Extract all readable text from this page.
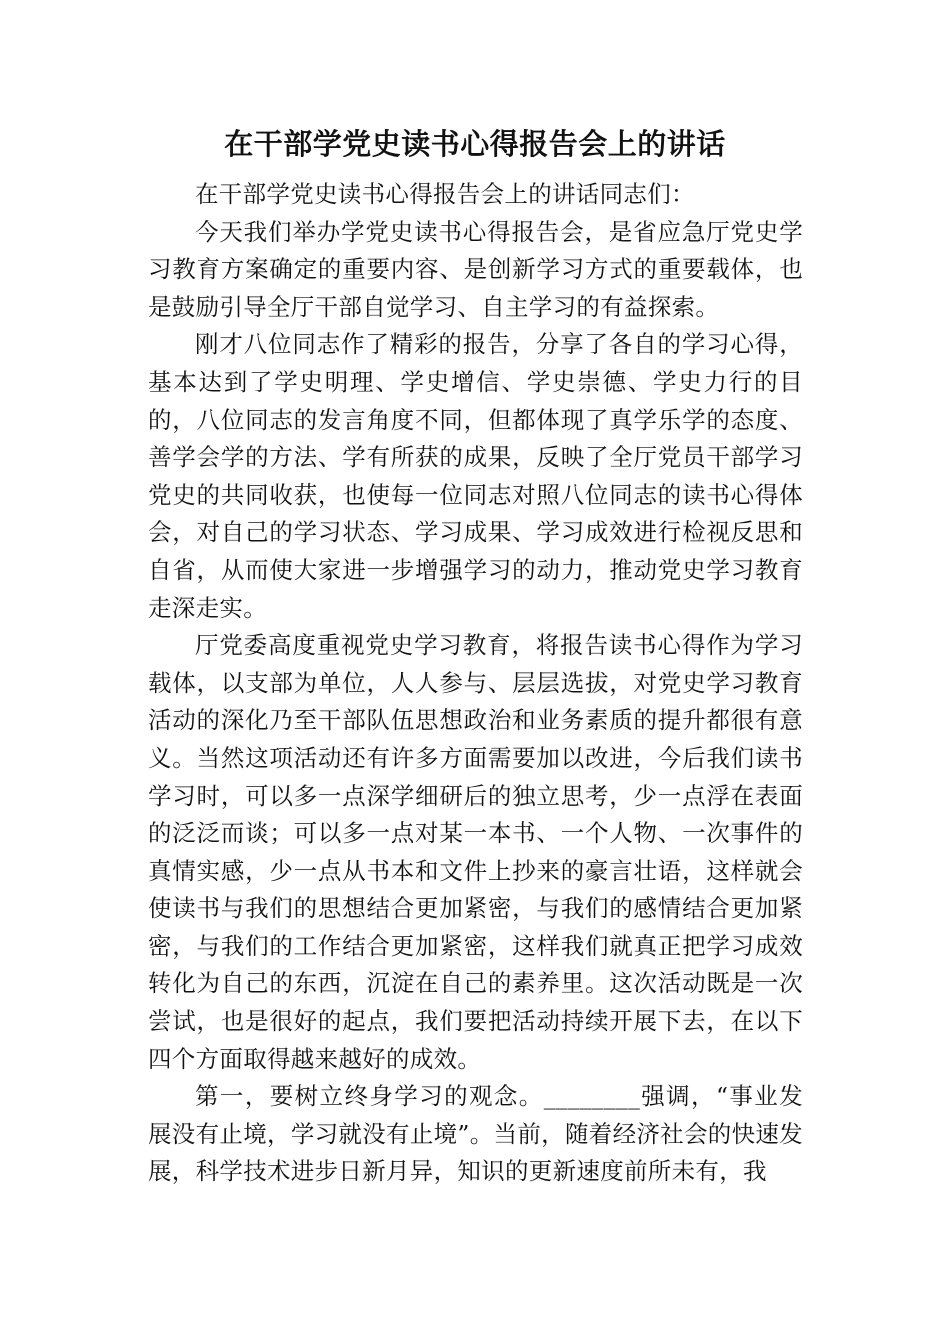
在干部学党史读书心得报告会上的讲话

在干部学党史读书心得报告会上的讲话同志们：

今天我们举办学党史读书心得报告会，是省应急厅党史学习教育方案确定的重要内容、是创新学习方式的重要载体，也是鼓励引导全厅干部自觉学习、自主学习的有益探索。

刚才八位同志作了精彩的报告，分享了各自的学习心得，基本达到了学史明理、学史增信、学史崇德、学史力行的目的，八位同志的发言角度不同，但都体现了真学乐学的态度、善学会学的方法、学有所获的成果，反映了全厅党员干部学习党史的共同收获，也使每一位同志对照八位同志的读书心得体会，对自己的学习状态、学习成果、学习成效进行检视反思和自省，从而使大家进一步增强学习的动力，推动党史学习教育走深走实。

厅党委高度重视党史学习教育，将报告读书心得作为学习载体，以支部为单位，人人参与、层层选拔，对党史学习教育活动的深化乃至干部队伍思想政治和业务素质的提升都很有意义。当然这项活动还有许多方面需要加以改进，今后我们读书学习时，可以多一点深学细研后的独立思考，少一点浮在表面的泛泛而谈；可以多一点对某一本书、一个人物、一次事件的真情实感，少一点从书本和文件上抄来的豪言壮语，这样就会使读书与我们的思想结合更加紧密，与我们的感情结合更加紧密，与我们的工作结合更加紧密，这样我们就真正把学习成效转化为自己的东西，沉淀在自己的素养里。这次活动既是一次尝试，也是很好的起点，我们要把活动持续开展下去，在以下四个方面取得越来越好的成效。

第一，要树立终身学习的观念。________强调，“事业发展没有止境，学习就没有止境”。当前，随着经济社会的快速发展，科学技术进步日新月异，知识的更新速度前所未有，我
